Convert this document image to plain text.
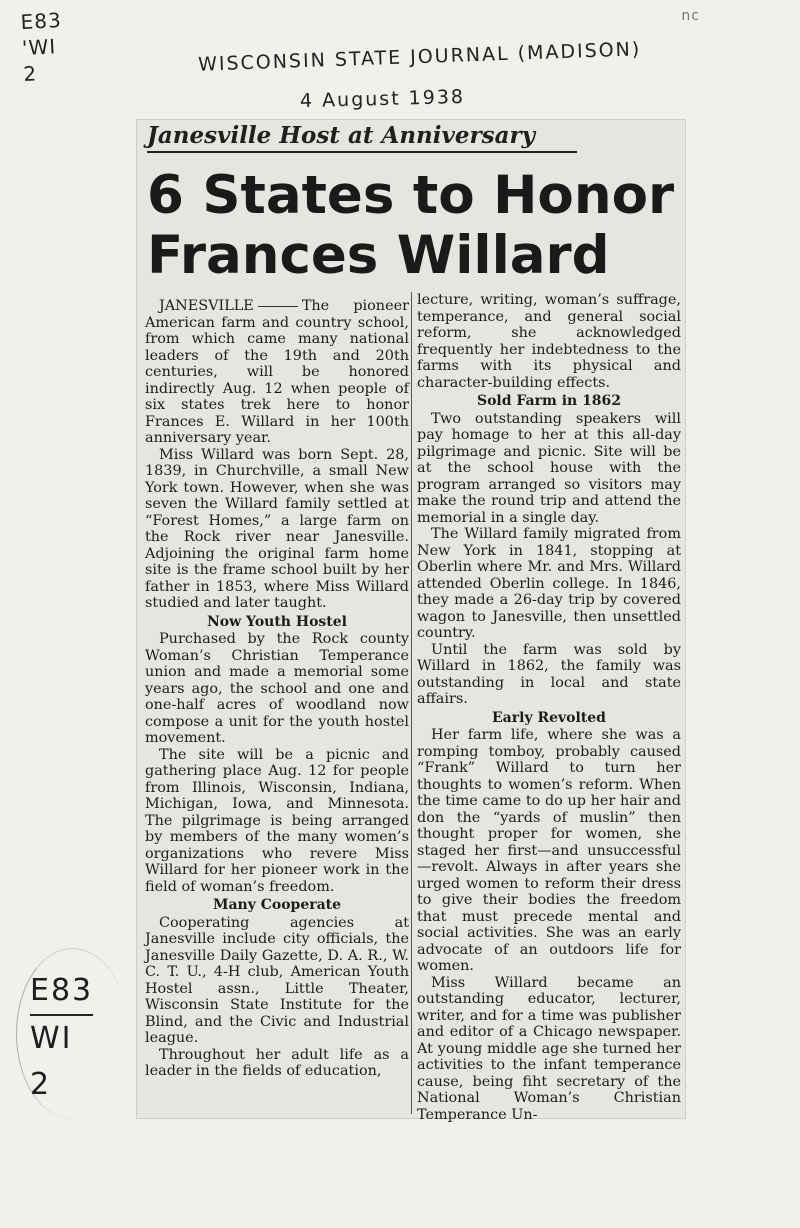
E83
'WI
2
nc
WISCONSIN STATE JOURNAL (MADISON)
4 August 1938
Janesville Host at Anniversary
6 States to Honor
Frances Willard

JANESVILLE	The pioneer American farm and country school, from which came many national leaders of the 19th and 20th centuries, will be honored indirectly Aug. 12 when people of six states trek here to honor Frances E. Willard in her 100th anniversary year.

Miss Willard was born Sept. 28, 1839, in Churchville, a small New York town. However, when she was seven the Willard family settled at “Forest Homes,” a large farm on the Rock river near Janesville. Adjoining the original farm home site is the frame school built by her father in 1853, where Miss Willard studied and later taught.

Now Youth Hostel

Purchased by the Rock county Woman’s Christian Temperance union and made a memorial some years ago, the school and one and one-half acres of woodland now compose a unit for the youth hostel movement.

The site will be a picnic and gathering place Aug. 12 for people from Illinois, Wisconsin, Indiana, Michigan, Iowa, and Minnesota. The pilgrimage is being arranged by members of the many women’s organizations who revere Miss Willard for her pioneer work in the field of woman’s freedom.

Many Cooperate

Cooperating agencies at Janesville include city officials, the Janesville Daily Gazette, D. A. R., W. C. T. U., 4-H club, American Youth Hostel assn., Little Theater, Wisconsin State Institute for the Blind, and the Civic and Industrial league.

Throughout her adult life as a leader in the fields of education,

lecture, writing, woman’s suffrage, temperance, and general social reform, she acknowledged frequently her indebtedness to the farms with its physical and character-building effects.

Sold Farm in 1862

Two outstanding speakers will pay homage to her at this all-day pilgrimage and picnic. Site will be at the school house with the program arranged so visitors may make the round trip and attend the memorial in a single day.

The Willard family migrated from New York in 1841, stopping at Oberlin where Mr. and Mrs. Willard attended Oberlin college. In 1846, they made a 26-day trip by covered wagon to Janesville, then unsettled country.

Until the farm was sold by Willard in 1862, the family was outstanding in local and state affairs.

Early Revolted

Her farm life, where she was a romping tomboy, probably caused “Frank” Willard to turn her thoughts to women’s reform. When the time came to do up her hair and don the “yards of muslin” then thought proper for women, she staged her first—and unsuccessful—revolt. Always in after years she urged women to reform their dress to give their bodies the freedom that must precede mental and social activities. She was an early advocate of an outdoors life for women.

Miss Willard became an outstanding educator, lecturer, writer, and for a time was publisher and editor of a Chicago newspaper. At young middle age she turned her activities to the infant temperance cause, being fiht secretary of the National Woman’s Christian Temperance Un-

E83
WI
2
